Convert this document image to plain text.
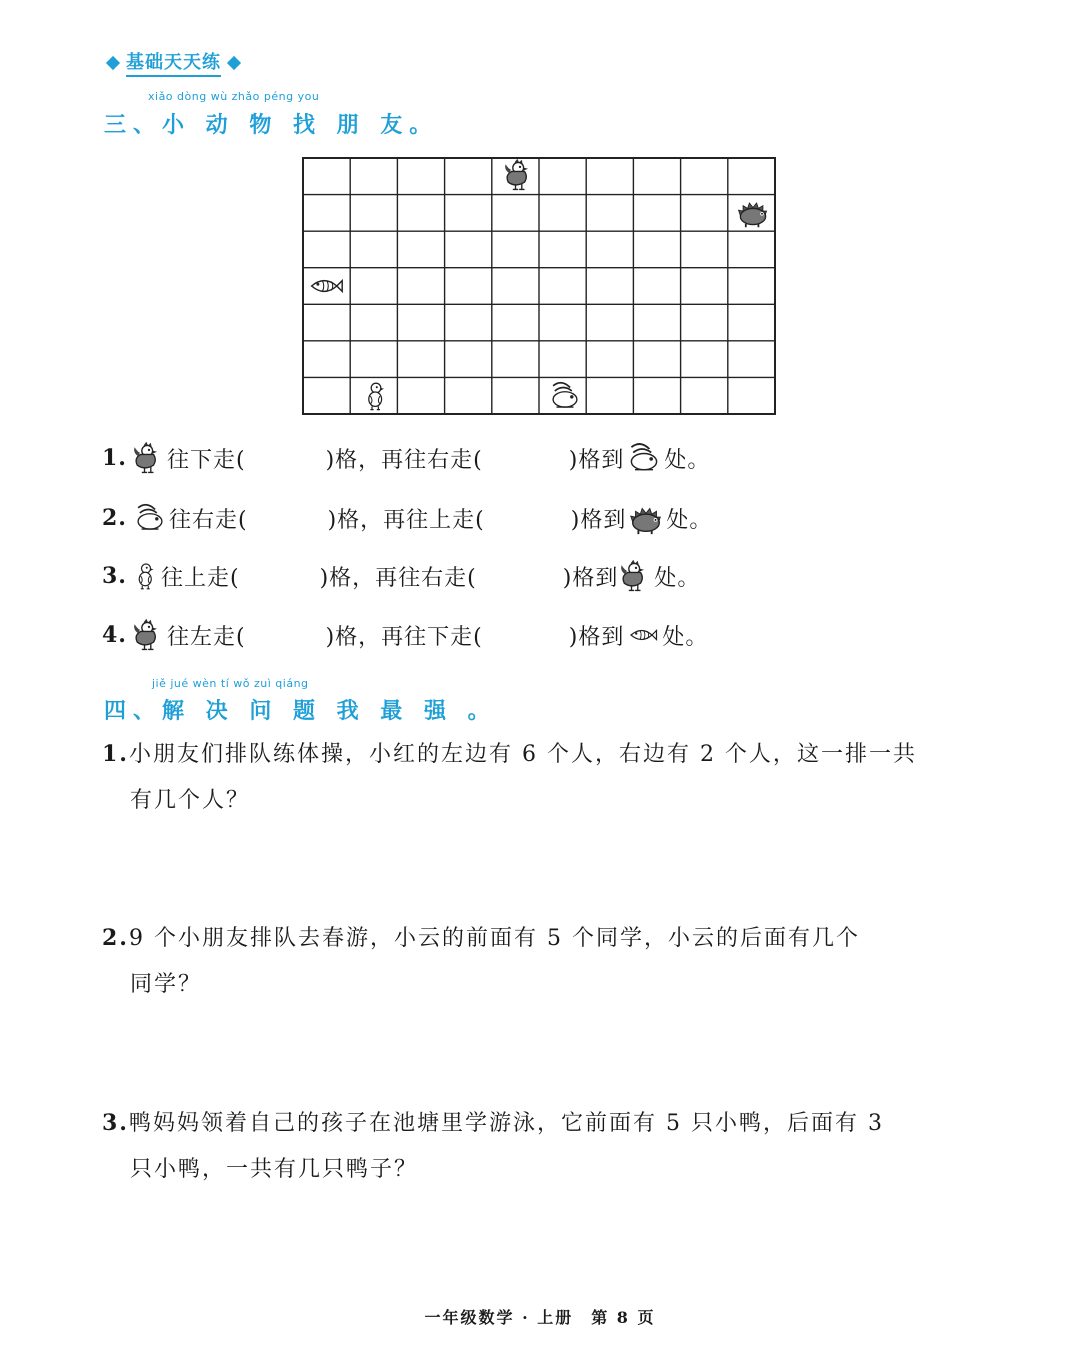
基础天天练
xiǎo dòng wù zhǎo péng you
三、小 动 物 找 朋 友。
1. 往下走(	)格，再往右走(	)格到 处。
2. 往右走(	)格，再往上走(	)格到 处。
3. 往上走(	)格，再往右走(	)格到 处。
4. 往左走(	)格，再往下走(	)格到 处。
jiě jué wèn tí wǒ zuì qiáng
四、解 决 问 题 我 最 强 。
1.小朋友们排队练体操，小红的左边有 6 个人，右边有 2 个人，这一排一共
有几个人？
2.9 个小朋友排队去春游，小云的前面有 5 个同学，小云的后面有几个
同学？
3.鸭妈妈领着自己的孩子在池塘里学游泳，它前面有 5 只小鸭，后面有 3
只小鸭，一共有几只鸭子？
一年级数学 · 上册　第 8 页
